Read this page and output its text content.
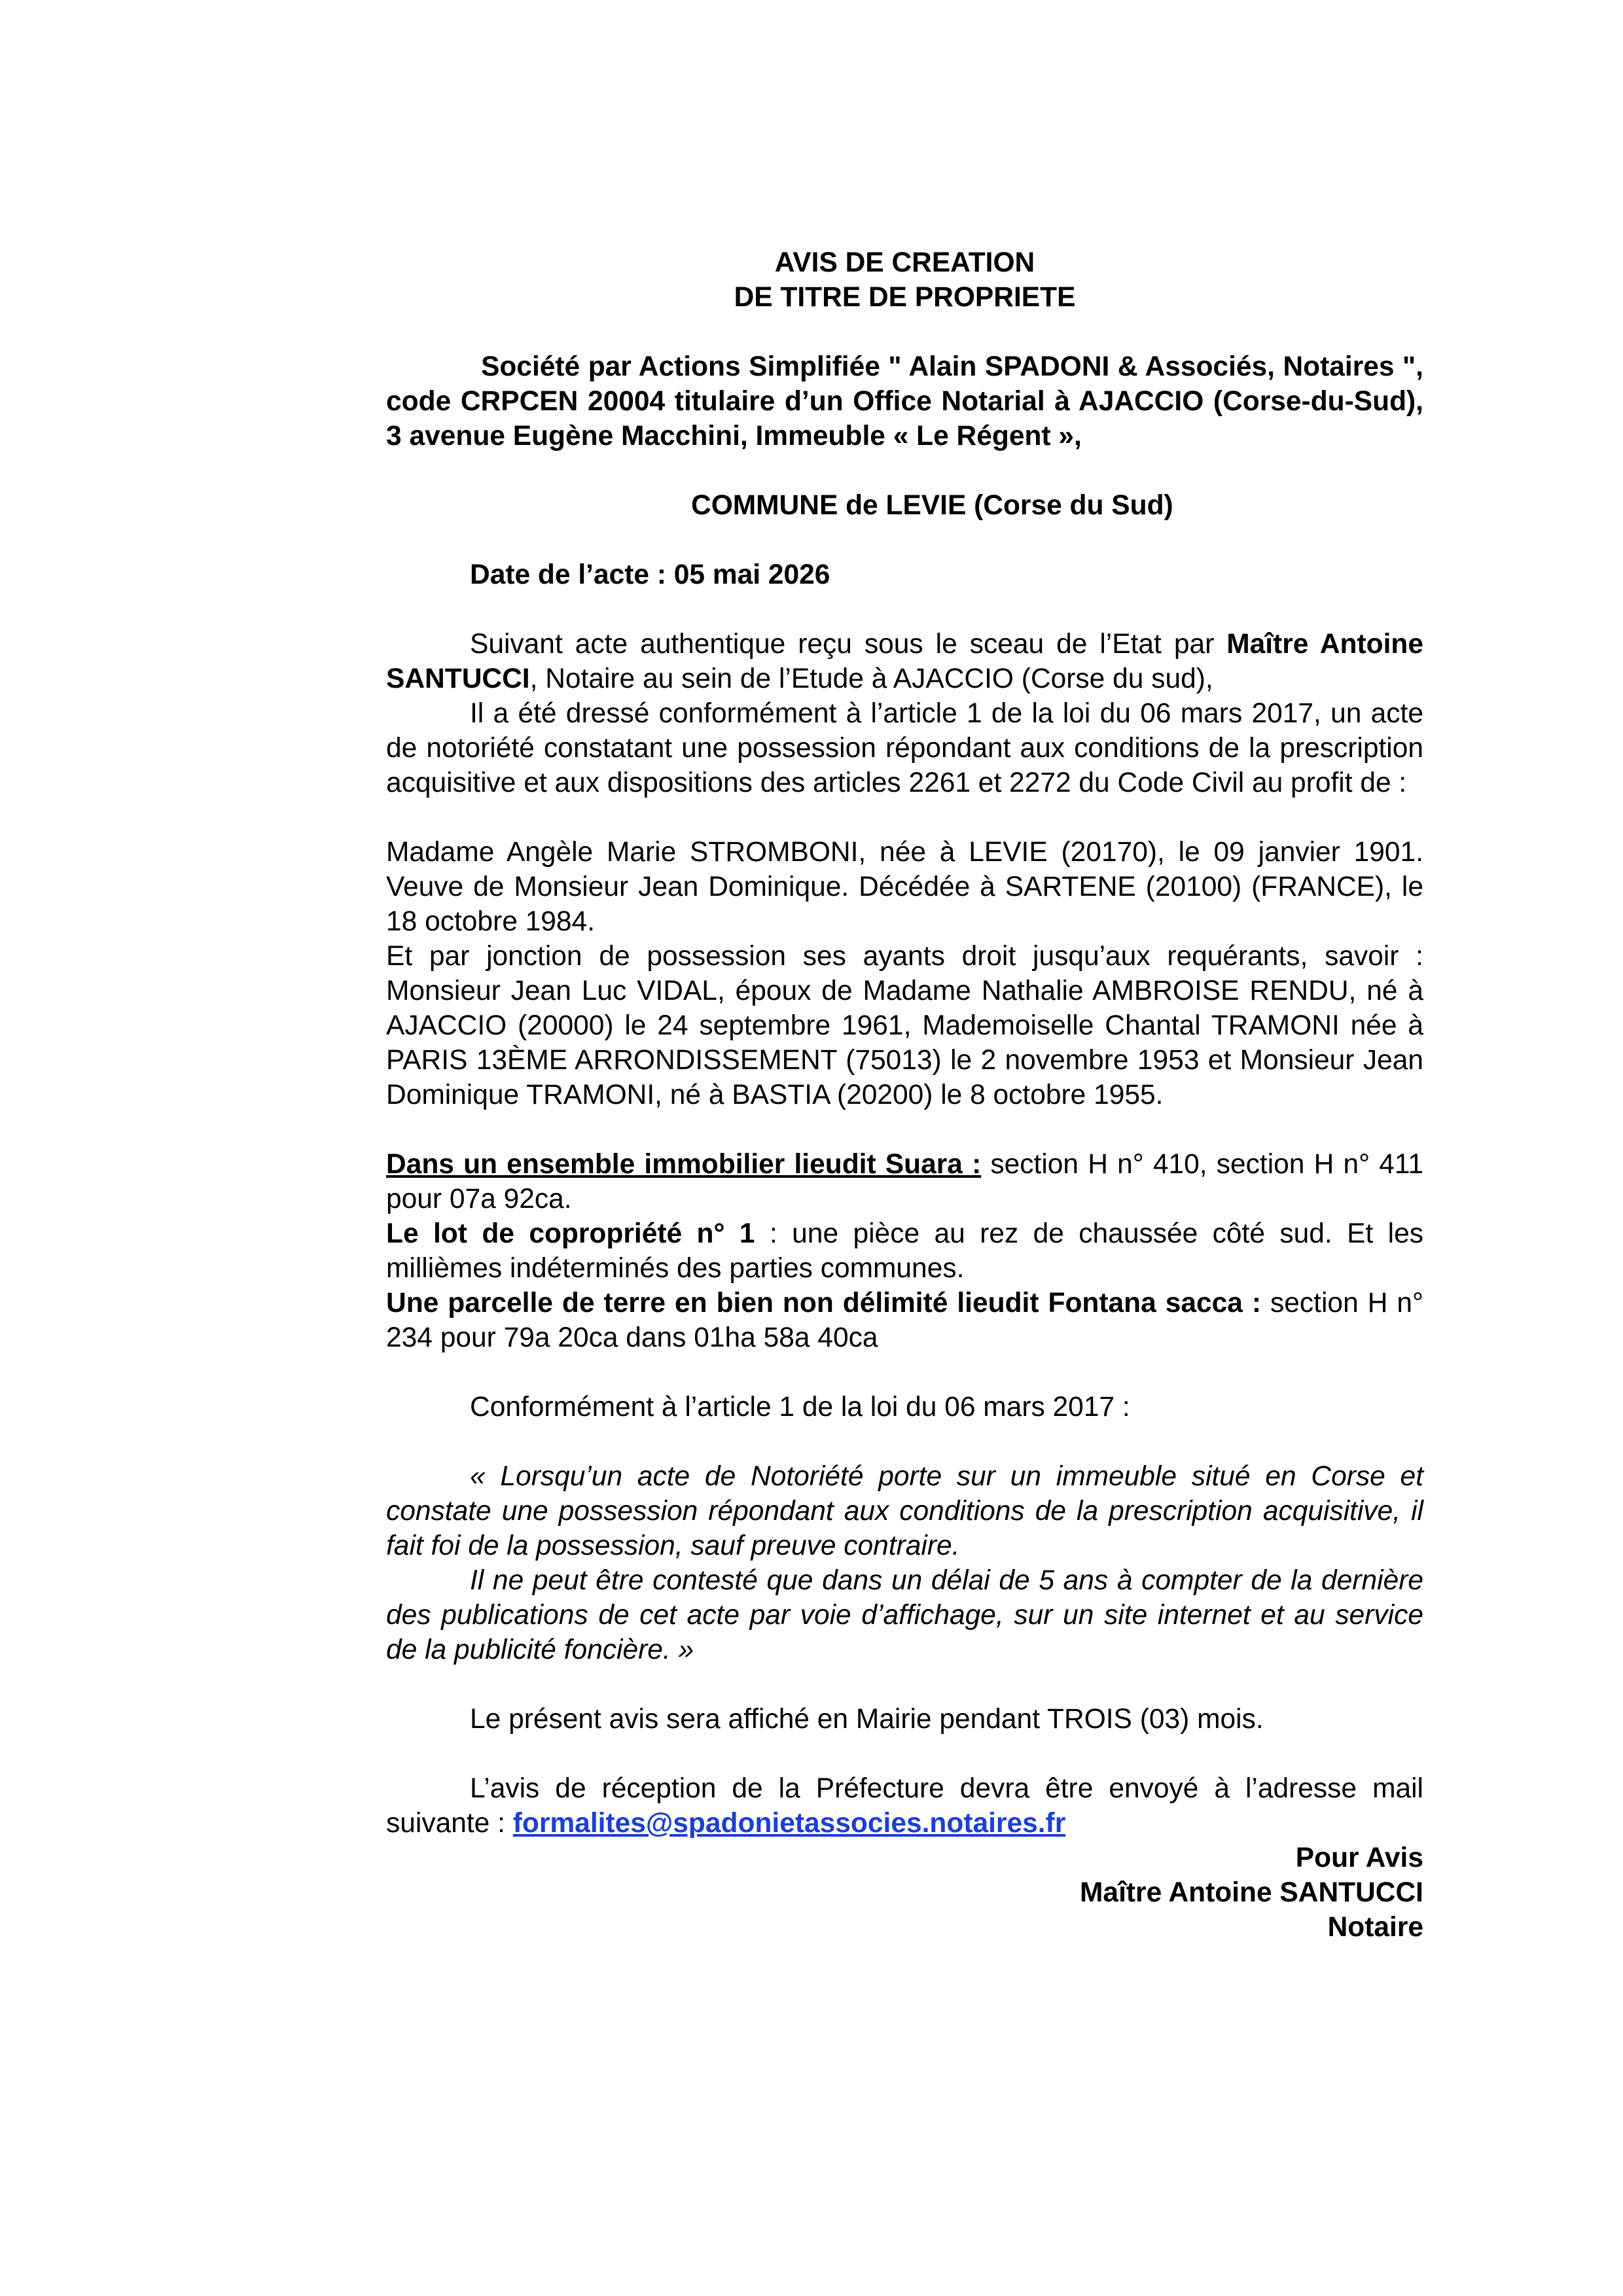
AVIS DE CREATION

DE TITRE DE PROPRIETE

Société par Actions Simplifiée " Alain SPADONI & Associés, Notaires ", code CRPCEN 20004 titulaire d’un Office Notarial à AJACCIO (Corse-du-Sud), 3 avenue Eugène Macchini, Immeuble « Le Régent »,

COMMUNE de LEVIE (Corse du Sud)

Date de l’acte : 05 mai 2026

Suivant acte authentique reçu sous le sceau de l’Etat par Maître Antoine SANTUCCI, Notaire au sein de l’Etude à AJACCIO (Corse du sud),

Il a été dressé conformément à l’article 1 de la loi du 06 mars 2017, un acte de notoriété constatant une possession répondant aux conditions de la prescription acquisitive et aux dispositions des articles 2261 et 2272 du Code Civil au profit de :

Madame Angèle Marie STROMBONI, née à LEVIE (20170), le 09 janvier 1901. Veuve de Monsieur Jean Dominique. Décédée à SARTENE (20100) (FRANCE), le 18 octobre 1984.

Et par jonction de possession ses ayants droit jusqu’aux requérants, savoir : Monsieur Jean Luc VIDAL, époux de Madame Nathalie AMBROISE RENDU, né à AJACCIO (20000) le 24 septembre 1961, Mademoiselle Chantal TRAMONI née à PARIS 13ÈME ARRONDISSEMENT (75013) le 2 novembre 1953 et Monsieur Jean Dominique TRAMONI, né à BASTIA (20200) le 8 octobre 1955.

Dans un ensemble immobilier lieudit Suara : section H n° 410, section H n° 411 pour 07a 92ca.

Le lot de copropriété n° 1 : une pièce au rez de chaussée côté sud. Et les millièmes indéterminés des parties communes.

Une parcelle de terre en bien non délimité lieudit Fontana sacca : section H n° 234 pour 79a 20ca dans 01ha 58a 40ca

Conformément à l’article 1 de la loi du 06 mars 2017 :

« Lorsqu’un acte de Notoriété porte sur un immeuble situé en Corse et constate une possession répondant aux conditions de la prescription acquisitive, il fait foi de la possession, sauf preuve contraire.

Il ne peut être contesté que dans un délai de 5 ans à compter de la dernière des publications de cet acte par voie d’affichage, sur un site internet et au service de la publicité foncière. »

Le présent avis sera affiché en Mairie pendant TROIS (03) mois.

L’avis de réception de la Préfecture devra être envoyé à l’adresse mail suivante : formalites@spadonietassocies.notaires.fr

Pour Avis

Maître Antoine SANTUCCI

Notaire
